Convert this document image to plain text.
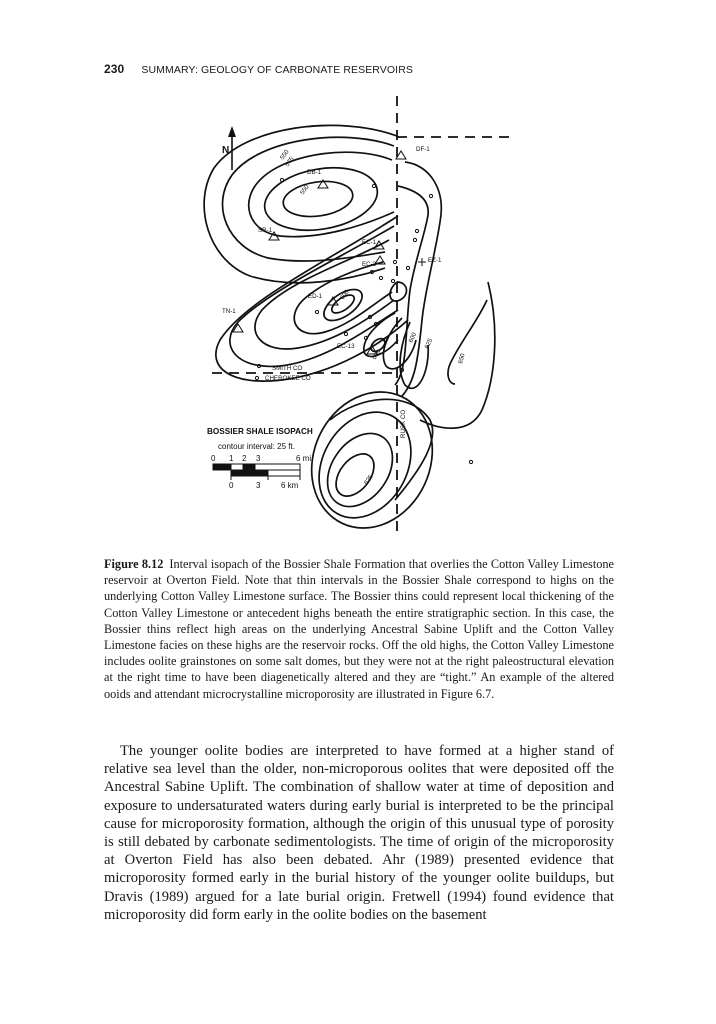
230 SUMMARY: GEOLOGY OF CARBONATE RESERVOIRS
N	DF-1
DB-1
SR-1
EC-1
EZ-1
EC-3
ED-1
TN-1
EC-13
550
575
550
600
600
600 625
650
625
SMITH CO
CHEROKEE CO
RUSK CO
BOSSIER SHALE ISOPACH
contour interval: 25 ft.
0 1 2 3	6 mi
0	3	6 km
Figure 8.12 Interval isopach of the Bossier Shale Formation that overlies the Cotton Valley Limestone reservoir at Overton Field. Note that thin intervals in the Bossier Shale correspond to highs on the underlying Cotton Valley Limestone surface. The Bossier thins could represent local thickening of the Cotton Valley Limestone or antecedent highs beneath the entire stratigraphic section. In this case, the Bossier thins reflect high areas on the underlying Ancestral Sabine Uplift and the Cotton Valley Limestone facies on these highs are the reservoir rocks. Off the old highs, the Cotton Valley Limestone includes oolite grainstones on some salt domes, but they were not at the right paleostructural elevation at the right time to have been diagenetically altered and they are “tight.” An example of the altered ooids and attendant microcrystalline microporosity are illustrated in Figure 6.7.

The younger oolite bodies are interpreted to have formed at a higher stand of relative sea level than the older, non-microporous oolites that were deposited off the Ancestral Sabine Uplift. The combination of shallow water at time of deposition and exposure to undersaturated waters during early burial is interpreted to be the principal cause for microporosity formation, although the origin of this unusual type of porosity is still debated by carbonate sedimentologists. The time of origin of the microporosity at Overton Field has also been debated. Ahr (1989) presented evidence that microporosity formed early in the burial history of the younger oolite buildups, but Dravis (1989) argued for a late burial origin. Fretwell (1994) found evidence that microporosity did form early in the oolite bodies on the basement
